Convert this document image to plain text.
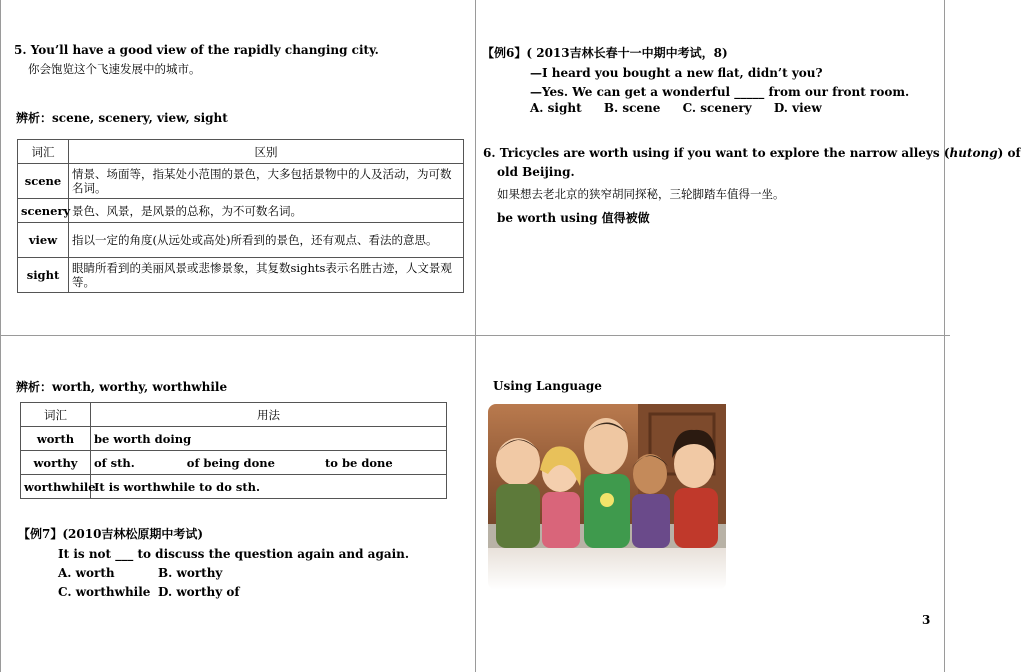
5. You’ll have a good view of the rapidly changing city.
你会饱览这个飞速发展中的城市。
辨析：scene, scenery, view, sight
词汇	区别
scene	情景、场面等，指某处小范围的景色，大多包括景物中的人及活动，为可数名词。
scenery	景色、风景，是风景的总称，为不可数名词。
view	指以一定的角度(从远处或高处)所看到的景色，还有观点、看法的意思。
sight	眼睛所看到的美丽风景或悲惨景象，其复数sights表示名胜古迹，人文景观等。
【例6】( 2013吉林长春十一中期中考试，8)
—I heard you bought a new flat, didn’t you?
—Yes. We can get a wonderful _____ from our front room.
A. sight B. scene C. scenery D. view
6. Tricycles are worth using if you want to explore the narrow alleys (hutong) of
old Beijing.
如果想去老北京的狭窄胡同探秘，三轮脚踏车值得一坐。
be worth using 值得被做
辨析：worth, worthy, worthwhile
词汇	用法
worth	be worth doing
worthy	of sth. of being done to be done
worthwhile	It is worthwhile to do sth.
【例7】(2010吉林松原期中考试)
It is not ___ to discuss the question again and again.
A. worth	B. worthy
C. worthwhile D. worthy of
Using Language
3
